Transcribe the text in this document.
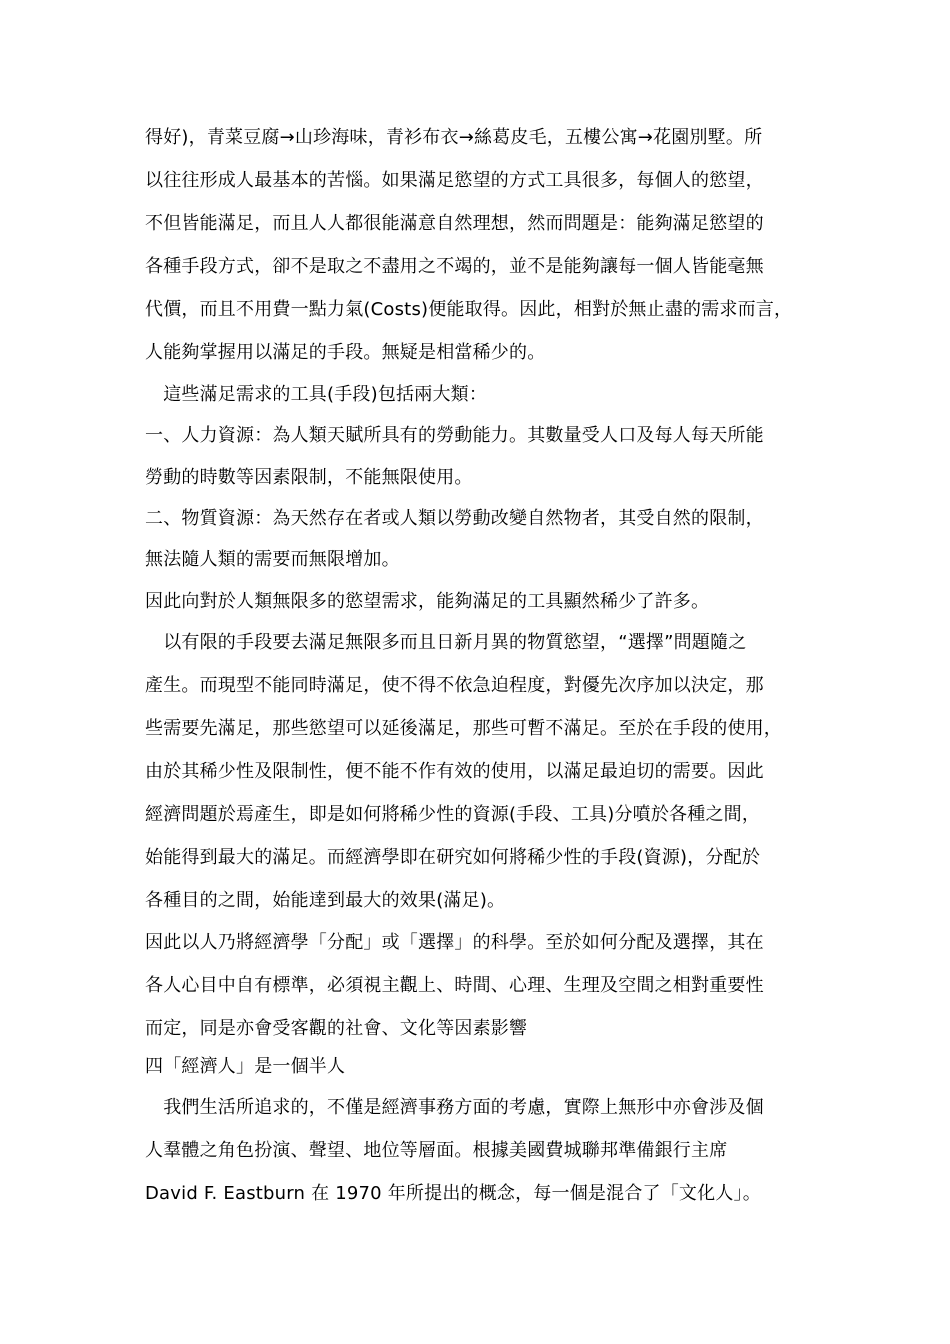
得好)，青菜豆腐→山珍海味，青衫布衣→絲葛皮毛，五樓公寓→花園別墅。所

以往往形成人最基本的苦惱。如果滿足慾望的方式工具很多，每個人的慾望，

不但皆能滿足，而且人人都很能滿意自然理想，然而問題是：能夠滿足慾望的

各種手段方式，卻不是取之不盡用之不竭的，並不是能夠讓每一個人皆能毫無

代價，而且不用費一點力氣(Costs)便能取得。因此，相對於無止盡的需求而言，

人能夠掌握用以滿足的手段。無疑是相當稀少的。

　這些滿足需求的工具(手段)包括兩大類：

一、人力資源：為人類天賦所具有的勞動能力。其數量受人口及每人每天所能

勞動的時數等因素限制，不能無限使用。

二、物質資源：為天然存在者或人類以勞動改變自然物者，其受自然的限制，

無法隨人類的需要而無限增加。

因此向對於人類無限多的慾望需求，能夠滿足的工具顯然稀少了許多。

　以有限的手段要去滿足無限多而且日新月異的物質慾望，“選擇”問題隨之

產生。而現型不能同時滿足，使不得不依急迫程度，對優先次序加以決定，那

些需要先滿足，那些慾望可以延後滿足，那些可暫不滿足。至於在手段的使用，

由於其稀少性及限制性，便不能不作有效的使用，以滿足最迫切的需要。因此

經濟問題於焉產生，即是如何將稀少性的資源(手段、工具)分噴於各種之間，

始能得到最大的滿足。而經濟學即在研究如何將稀少性的手段(資源)，分配於

各種目的之間，始能達到最大的效果(滿足)。

因此以人乃將經濟學「分配」或「選擇」的科學。至於如何分配及選擇，其在

各人心目中自有標準，必須視主觀上、時間、心理、生理及空間之相對重要性

而定，同是亦會受客觀的社會、文化等因素影響

四「經濟人」是一個半人

　我們生活所追求的，不僅是經濟事務方面的考慮，實際上無形中亦會涉及個

人羣體之角色扮演、聲望、地位等層面。根據美國費城聯邦準備銀行主席

David F. Eastburn 在 1970 年所提出的概念，每一個是混合了「文化人」。
